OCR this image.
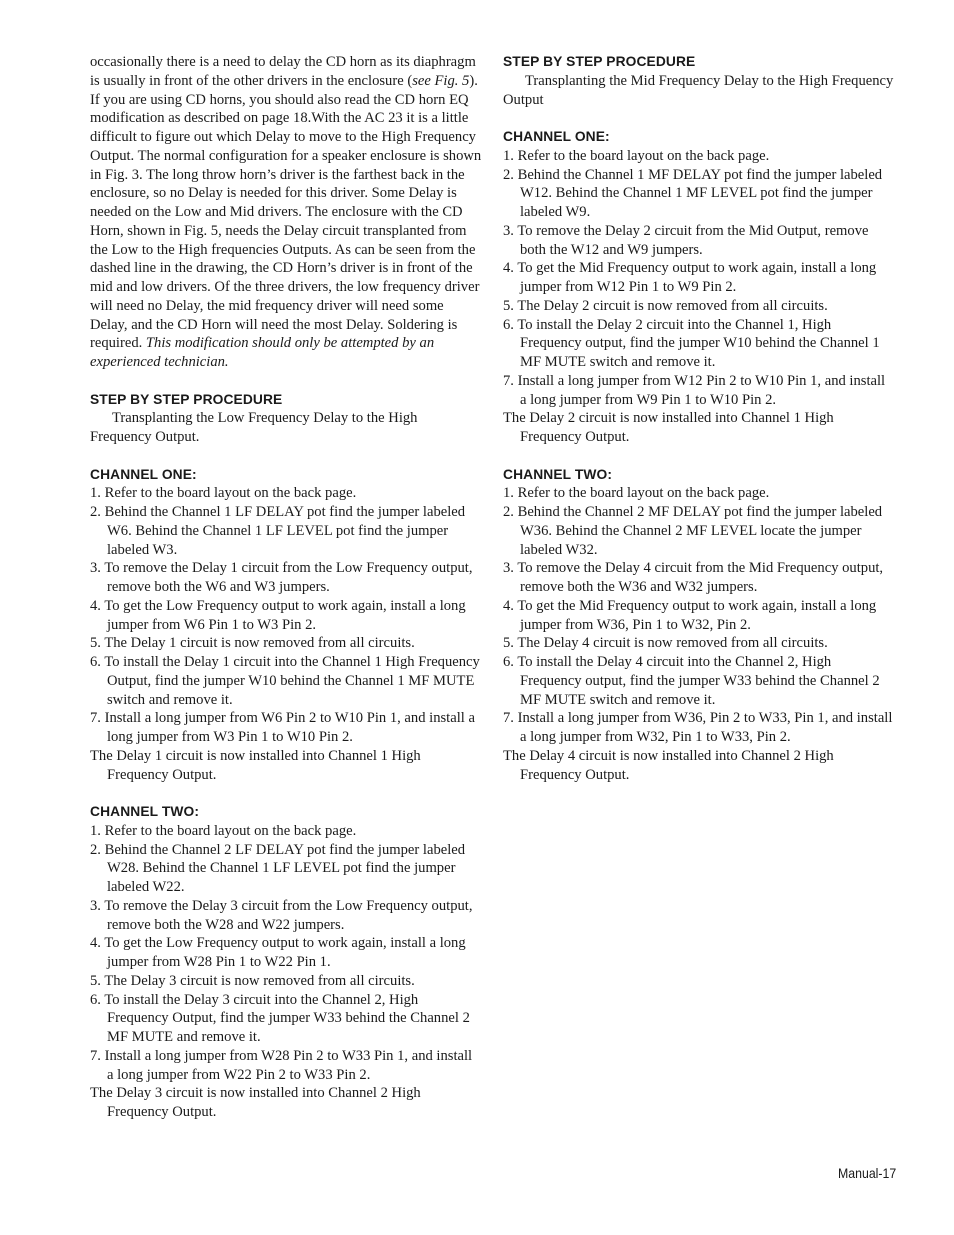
occasionally there is a need to delay the CD horn as its diaphragm is usually in front of the other drivers in the enclosure (see Fig. 5). If you are using CD horns, you should also read the CD horn EQ modification as described on page 18.With the AC 23 it is a little difficult to figure out which Delay to move to the High Frequency Output. The normal configuration for a speaker enclosure is shown in Fig. 3. The long throw horn’s driver is the farthest back in the enclosure, so no Delay is needed for this driver. Some Delay is needed on the Low and Mid drivers. The enclosure with the CD Horn, shown in Fig. 5, needs the Delay circuit transplanted from the Low to the High frequencies Outputs. As can be seen from the dashed line in the drawing, the CD Horn’s driver is in front of the mid and low drivers. Of the three drivers, the low frequency driver will need no Delay, the mid frequency driver will need some Delay, and the CD Horn will need the most Delay. Soldering is required. This modification should only be attempted by an experienced technician.

STEP BY STEP PROCEDURE

Transplanting the Low Frequency Delay to the High Frequency Output.

CHANNEL ONE:

1. Refer to the board layout on the back page.
2. Behind the Channel 1 LF DELAY pot find the jumper labeled W6. Behind the Channel 1 LF LEVEL pot find the jumper labeled W3.
3. To remove the Delay 1 circuit from the Low Frequency output, remove both the W6 and W3 jumpers.
4. To get the Low Frequency output to work again, install a long jumper from W6 Pin 1 to W3 Pin 2.
5. The Delay 1 circuit is now removed from all circuits.
6. To install the Delay 1 circuit into the Channel 1 High Frequency Output, find the jumper W10 behind the Channel 1 MF MUTE switch and remove it.
7. Install a long jumper from W6 Pin 2 to W10 Pin 1, and install a long jumper from W3 Pin 1 to W10 Pin 2.

The Delay 1 circuit is now installed into Channel 1 High Frequency Output.

CHANNEL TWO:

1. Refer to the board layout on the back page.
2. Behind the Channel 2 LF DELAY pot find the jumper labeled W28. Behind the Channel 1 LF LEVEL pot find the jumper labeled W22.
3. To remove the Delay 3 circuit from the Low Frequency output, remove both the W28 and W22 jumpers.
4. To get the Low Frequency output to work again, install a long jumper from W28 Pin 1 to W22 Pin 1.
5. The Delay 3 circuit is now removed from all circuits.
6. To install the Delay 3 circuit into the Channel 2, High Frequency Output, find the jumper W33 behind the Channel 2 MF MUTE and remove it.
7. Install a long jumper from W28 Pin 2 to W33 Pin 1, and install a long jumper from W22 Pin 2 to W33 Pin 2.

The Delay 3 circuit is now installed into Channel 2 High Frequency Output.

STEP BY STEP PROCEDURE

Transplanting the Mid Frequency Delay to the High Frequency Output

CHANNEL ONE:

1. Refer to the board layout on the back page.
2. Behind the Channel 1 MF DELAY pot find the jumper labeled W12. Behind the Channel 1 MF LEVEL pot find the jumper labeled W9.
3. To remove the Delay 2 circuit from the Mid Output, remove both the W12 and W9 jumpers.
4. To get the Mid Frequency output to work again, install a long jumper from W12 Pin 1 to W9 Pin 2.
5. The Delay 2 circuit is now removed from all circuits.
6. To install the Delay 2 circuit into the Channel 1, High Frequency output, find the jumper W10 behind the Channel 1 MF MUTE switch and remove it.
7. Install a long jumper from W12 Pin 2 to W10 Pin 1, and install a long jumper from W9 Pin 1 to W10 Pin 2.

The Delay 2 circuit is now installed into Channel 1 High Frequency Output.

CHANNEL TWO:

1. Refer to the board layout on the back page.
2. Behind the Channel 2 MF DELAY pot find the jumper labeled W36. Behind the Channel 2 MF LEVEL locate the jumper labeled W32.
3. To remove the Delay 4 circuit from the Mid Frequency output, remove both the W36 and W32 jumpers.
4. To get the Mid Frequency output to work again, install a long jumper from W36, Pin 1 to W32, Pin 2.
5. The Delay 4 circuit is now removed from all circuits.
6. To install the Delay 4 circuit into the Channel 2, High Frequency output, find the jumper W33 behind the Channel 2 MF MUTE switch and remove it.
7. Install a long jumper from W36, Pin 2 to W33, Pin 1, and install a long jumper from W32, Pin 1 to W33, Pin 2.

The Delay 4 circuit is now installed into Channel 2 High Frequency Output.

Manual-17
